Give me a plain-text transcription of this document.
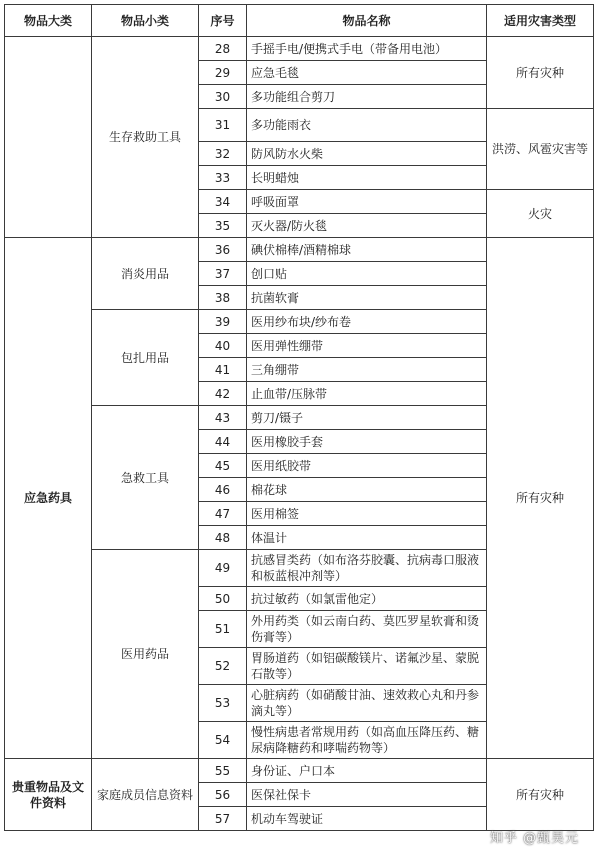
物品大类	物品小类	序号	物品名称	适用灾害类型
	生存救助工具	28	手摇手电/便携式手电（带备用电池）	所有灾种
		29	应急毛毯	
		30	多功能组合剪刀	
		31	多功能雨衣	洪涝、风雹灾害等
		32	防风防水火柴	
		33	长明蜡烛	
		34	呼吸面罩	火灾
		35	灭火器/防火毯	
应急药具	消炎用品	36	碘伏棉棒/酒精棉球	所有灾种
		37	创口贴	
		38	抗菌软膏	
	包扎用品	39	医用纱布块/纱布卷	
		40	医用弹性绷带	
		41	三角绷带	
		42	止血带/压脉带	
	急救工具	43	剪刀/镊子	
		44	医用橡胶手套	
		45	医用纸胶带	
		46	棉花球	
		47	医用棉签	
		48	体温计	
	医用药品	49	抗感冒类药（如布洛芬胶囊、抗病毒口服液和板蓝根冲剂等）	
		50	抗过敏药（如氯雷他定）	
		51	外用药类（如云南白药、莫匹罗星软膏和烫伤膏等）	
		52	胃肠道药（如铝碳酸镁片、诺氟沙星、蒙脱石散等）	
		53	心脏病药（如硝酸甘油、速效救心丸和丹参滴丸等）	
		54	慢性病患者常规用药（如高血压降压药、糖尿病降糖药和哮喘药物等）	
贵重物品及文件资料	家庭成员信息资料	55	身份证、户口本	所有灾种
		56	医保社保卡	
		57	机动车驾驶证	
知乎 @甄昊元
